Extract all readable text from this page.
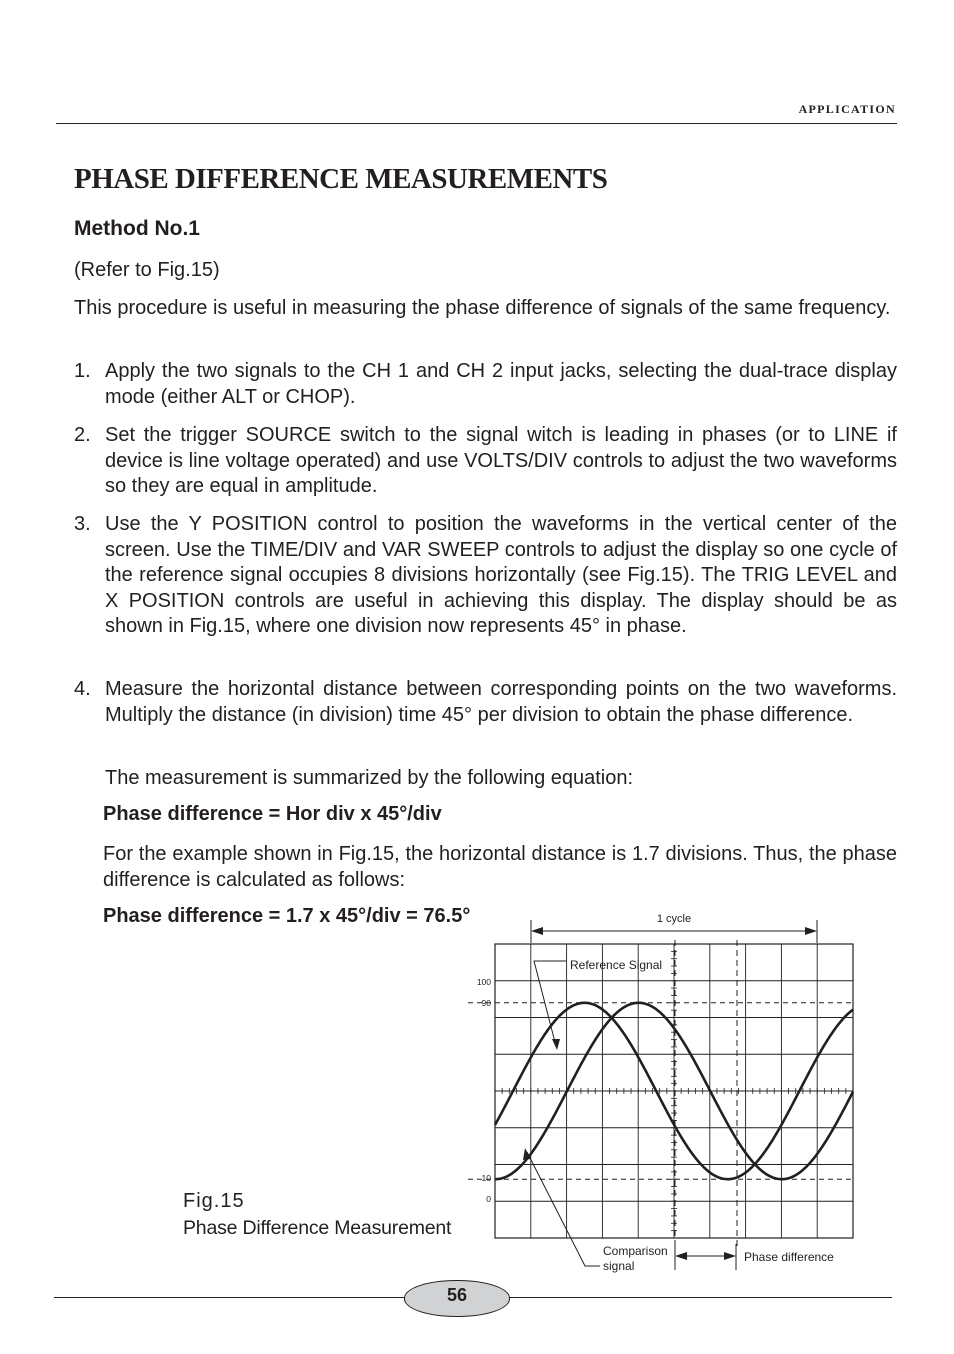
APPLICATION
PHASE DIFFERENCE MEASUREMENTS
Method No.1
(Refer to Fig.15)
This procedure is useful in measuring the phase difference of signals of the same frequency.
1. Apply the two signals to the CH 1 and CH 2 input jacks, selecting the dual-trace display mode (either ALT or CHOP).
2. Set the trigger SOURCE switch to the signal witch is leading in phases (or to LINE if device is line voltage operated) and use VOLTS/DIV controls to adjust the two waveforms so they are equal in amplitude.
3. Use the Y POSITION control to position the waveforms in the vertical center of the screen. Use the TIME/DIV and VAR SWEEP controls to adjust the display so one cycle of the reference signal occupies 8 divisions horizontally (see Fig.15). The TRIG LEVEL and X POSITION controls are useful in achieving this display. The display should be as shown in Fig.15, where one division now represents 45° in phase.
4. Measure the horizontal distance between corresponding points on the two waveforms. Multiply the distance (in division) time 45° per division to obtain the phase difference.
The measurement is summarized by the following equation:
Phase difference = Hor div x 45°/div
For the example shown in Fig.15, the horizontal distance is 1.7 divisions. Thus, the phase difference is calculated as follows:
Phase difference = 1.7 x 45°/div = 76.5°
Fig.15
Phase Difference Measurement
1 cycle
Reference Signal
Comparison
signal
Phase difference
100
90
10
0
56
